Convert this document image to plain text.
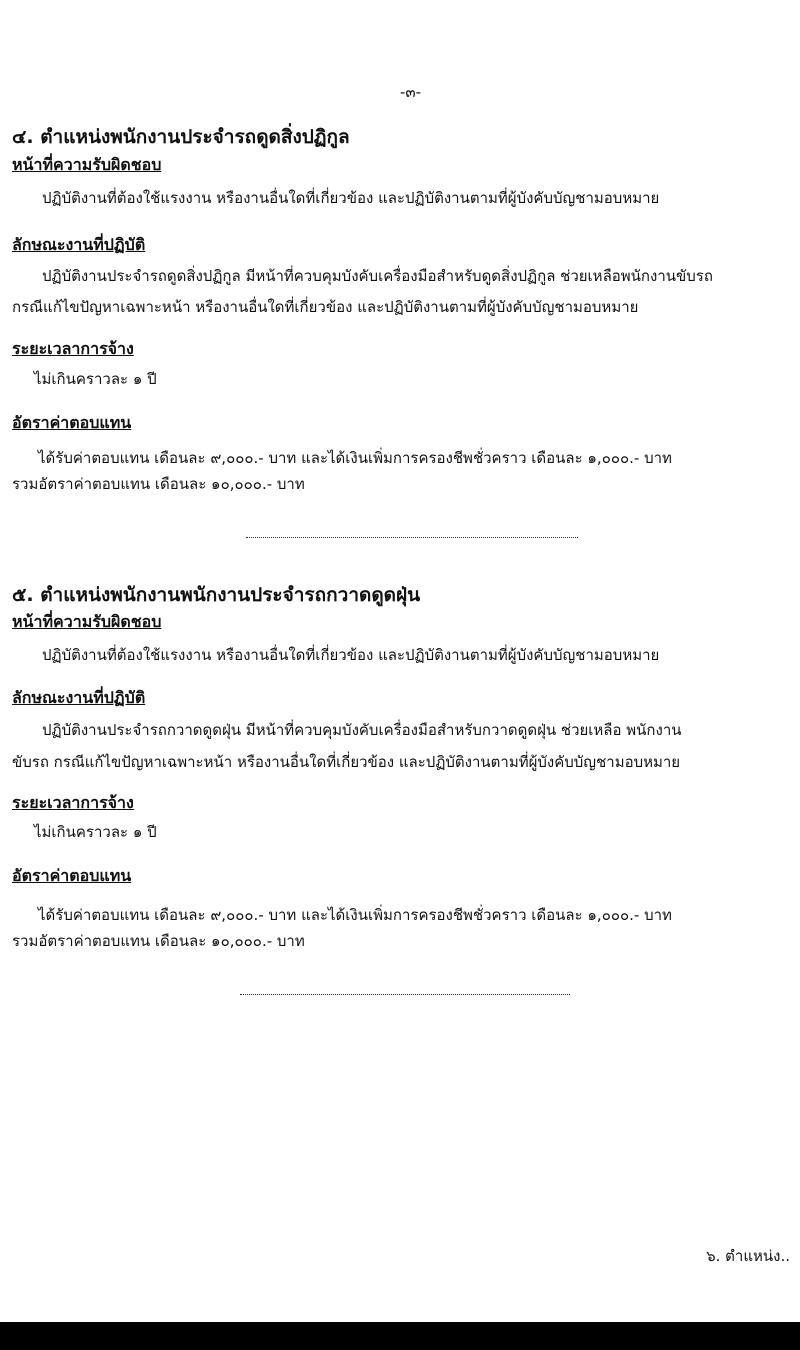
-๓-
๔. ตำแหน่งพนักงานประจำรถดูดสิ่งปฏิกูล
หน้าที่ความรับผิดชอบ
ปฏิบัติงานที่ต้องใช้แรงงาน หรืองานอื่นใดที่เกี่ยวข้อง และปฏิบัติงานตามที่ผู้บังคับบัญชามอบหมาย
ลักษณะงานที่ปฏิบัติ
ปฏิบัติงานประจำรถดูดสิ่งปฏิกูล มีหน้าที่ควบคุมบังคับเครื่องมือสำหรับดูดสิ่งปฏิกูล ช่วยเหลือพนักงานขับรถ
กรณีแก้ไขปัญหาเฉพาะหน้า หรืองานอื่นใดที่เกี่ยวข้อง และปฏิบัติงานตามที่ผู้บังคับบัญชามอบหมาย
ระยะเวลาการจ้าง
ไม่เกินคราวละ ๑ ปี
อัตราค่าตอบแทน
ได้รับค่าตอบแทน เดือนละ ๙,๐๐๐.- บาท และได้เงินเพิ่มการครองชีพชั่วคราว เดือนละ ๑,๐๐๐.- บาท
รวมอัตราค่าตอบแทน เดือนละ ๑๐,๐๐๐.- บาท
๕. ตำแหน่งพนักงานพนักงานประจำรถกวาดดูดฝุ่น
หน้าที่ความรับผิดชอบ
ปฏิบัติงานที่ต้องใช้แรงงาน หรืองานอื่นใดที่เกี่ยวข้อง และปฏิบัติงานตามที่ผู้บังคับบัญชามอบหมาย
ลักษณะงานที่ปฏิบัติ
ปฏิบัติงานประจำรถกวาดดูดฝุ่น มีหน้าที่ควบคุมบังคับเครื่องมือสำหรับกวาดดูดฝุ่น ช่วยเหลือ พนักงาน
ขับรถ กรณีแก้ไขปัญหาเฉพาะหน้า หรืองานอื่นใดที่เกี่ยวข้อง และปฏิบัติงานตามที่ผู้บังคับบัญชามอบหมาย
ระยะเวลาการจ้าง
ไม่เกินคราวละ ๑ ปี
อัตราค่าตอบแทน
ได้รับค่าตอบแทน เดือนละ ๙,๐๐๐.- บาท และได้เงินเพิ่มการครองชีพชั่วคราว เดือนละ ๑,๐๐๐.- บาท
รวมอัตราค่าตอบแทน เดือนละ ๑๐,๐๐๐.- บาท
๖. ตำแหน่ง..
